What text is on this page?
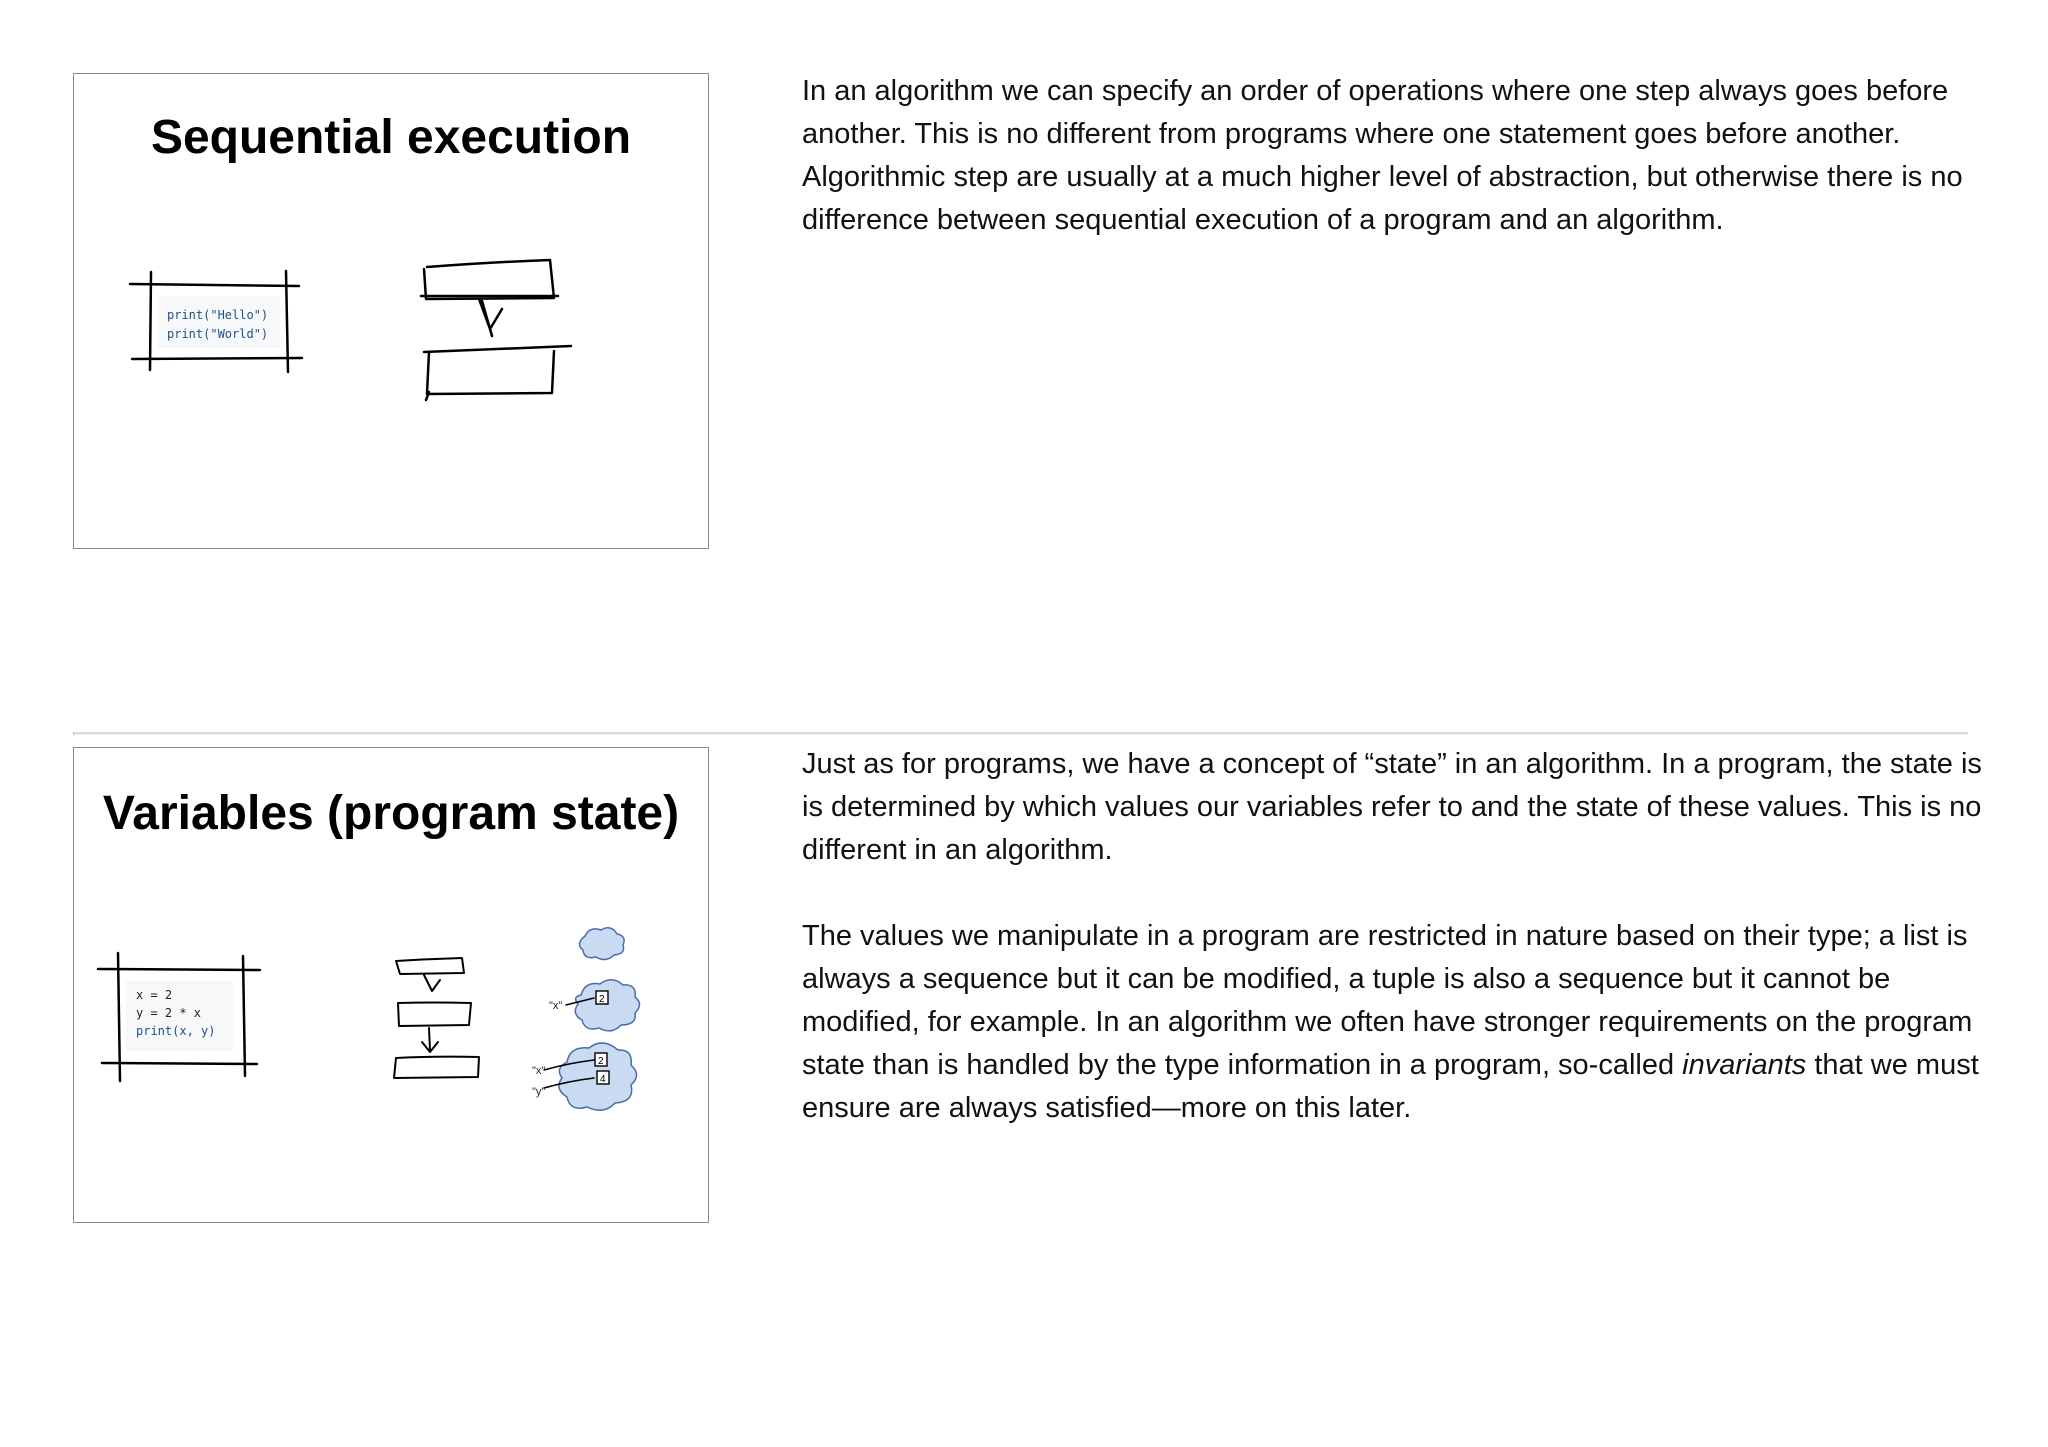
Sequential execution
print("Hello")
print("World")

In an algorithm we can specify an order of operations where one step always goes before another. This is no different from programs where one statement goes before another. Algorithmic step are usually at a much higher level of abstraction, but otherwise there is no difference between sequential execution of a program and an algorithm.

Variables (program state)
x = 2
y = 2 * x
print(x, y)
"x"
"x"
"y"
2
2
4

Just as for programs, we have a concept of “state” in an algorithm. In a program, the state is is determined by which values our variables refer to and the state of these values. This is no different in an algorithm.

The values we manipulate in a program are restricted in nature based on their type; a list is always a sequence but it can be modified, a tuple is also a sequence but it cannot be modified, for example. In an algorithm we often have stronger requirements on the program state than is handled by the type information in a program, so-called invariants that we must ensure are always satisfied—more on this later.
